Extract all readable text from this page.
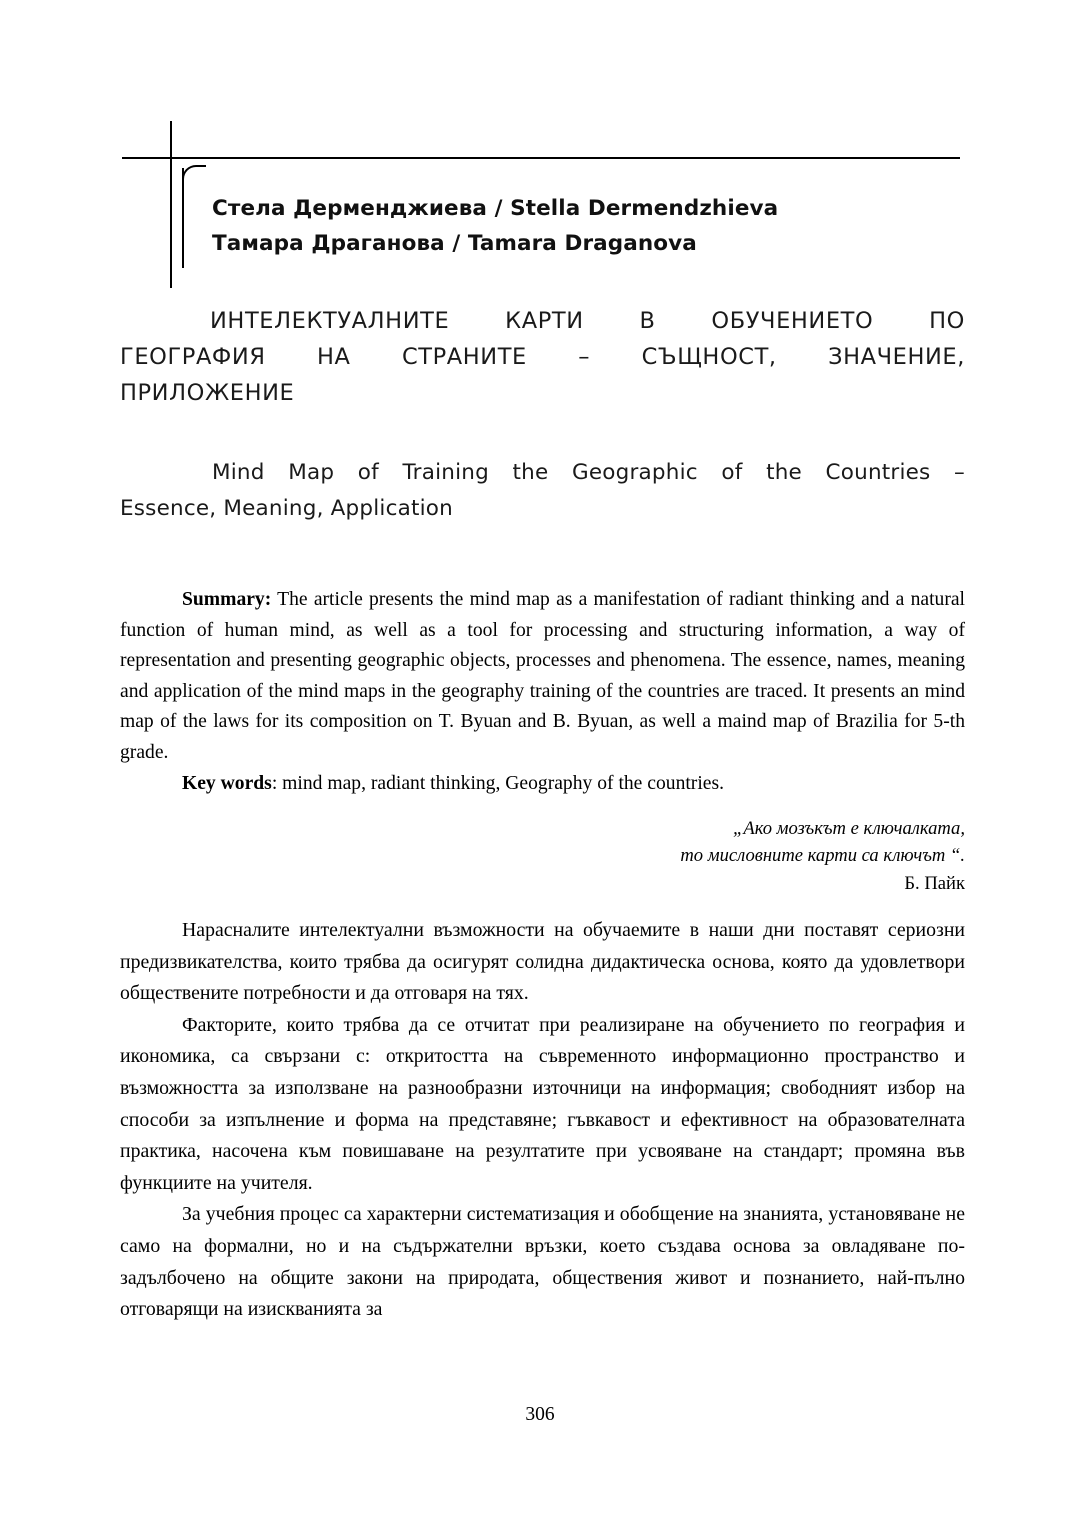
Стела Дерменджиева / Stella Dermendzhieva
Тамара Драганова / Tamara Draganova
ИНТЕЛЕКТУАЛНИТЕ КАРТИ В ОБУЧЕНИЕТО ПО
ГЕОГРАФИЯ НА СТРАНИТЕ – СЪЩНОСТ, ЗНАЧЕНИЕ,
ПРИЛОЖЕНИЕ
Mind Map of Training the Geographic of the Countries –
Essence, Meaning, Application

Summary: The article presents the mind map as a manifestation of radiant thinking and a natural function of human mind, as well as a tool for processing and structuring information, a way of representation and presenting geographic objects, processes and phenomena. The essence, names, meaning and application of the mind maps in the geography training of the countries are traced. It presents an mind map of the laws for its composition on T. Byuan and B. Byuan, as well a maind map of Brazilia for 5-th grade.

Key words: mind map, radiant thinking, Geography of the countries.

„Ако мозъкът е ключалката,
то мисловните карти са ключът “.
Б. Пайк

Нараснaлите интелектуални възможности на обучаемите в наши дни поставят сериозни предизвикателства, които трябва да осигурят солидна дидактическа основа, която да удовлетвори обществените потребности и да отговаря на тях.

Факторите, които трябва да се отчитат при реализиране на обучението по география и икономика, са свързани с: откритостта на съвременното информационно пространство и възможността за използване на разнообразни източници на информация; свободният избор на способи за изпълнение и форма на представяне; гъвкавост и ефективност на образователната практика, насочена към повишаване на резултатите при усвояване на стандарт; промяна във функциите на учителя.

За учебния процес са характерни систематизация и обобщение на знанията, установяване не само на формални, но и на съдържателни връзки, което създава основа за овладяване по-задълбочено на общите закони на природата, обществения живот и познанието, най-пълно отговарящи на изискванията за

306
